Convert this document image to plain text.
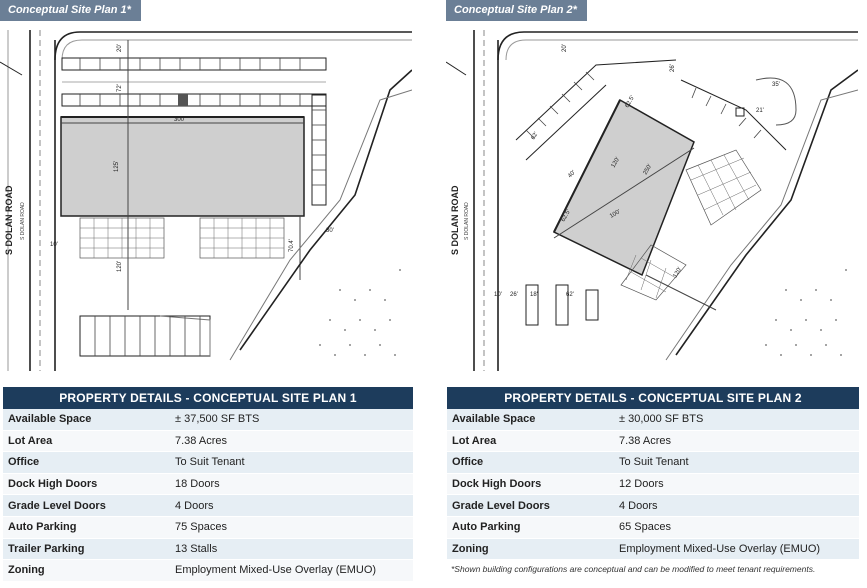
Conceptual Site Plan 1*
S DOLAN ROAD S DOLAN ROAD
300'
125'
72'
20'
120'
70.4'
30'
10'
PROPERTY DETAILS - CONCEPTUAL SITE PLAN 1
Available Space	± 37,500 SF BTS
Lot Area	7.38 Acres
Office	To Suit Tenant
Dock High Doors	18 Doors
Grade Level Doors	4 Doors
Auto Parking	75 Spaces
Trailer Parking	13 Stalls
Zoning	Employment Mixed-Use Overlay (EMUO)
Conceptual Site Plan 2*
S DOLAN ROAD S DOLAN ROAD
20'
26'
35'
21'
62.5'
62'
40'
120'
250'
62.5'	100'
120'
10' 26' 18'	62'
PROPERTY DETAILS - CONCEPTUAL SITE PLAN 2
Available Space	± 30,000 SF BTS
Lot Area	7.38 Acres
Office	To Suit Tenant
Dock High Doors	12 Doors
Grade Level Doors	4 Doors
Auto Parking	65 Spaces
Zoning	Employment Mixed-Use Overlay (EMUO)
*Shown building configurations are conceptual and can be modified to meet tenant requirements.
